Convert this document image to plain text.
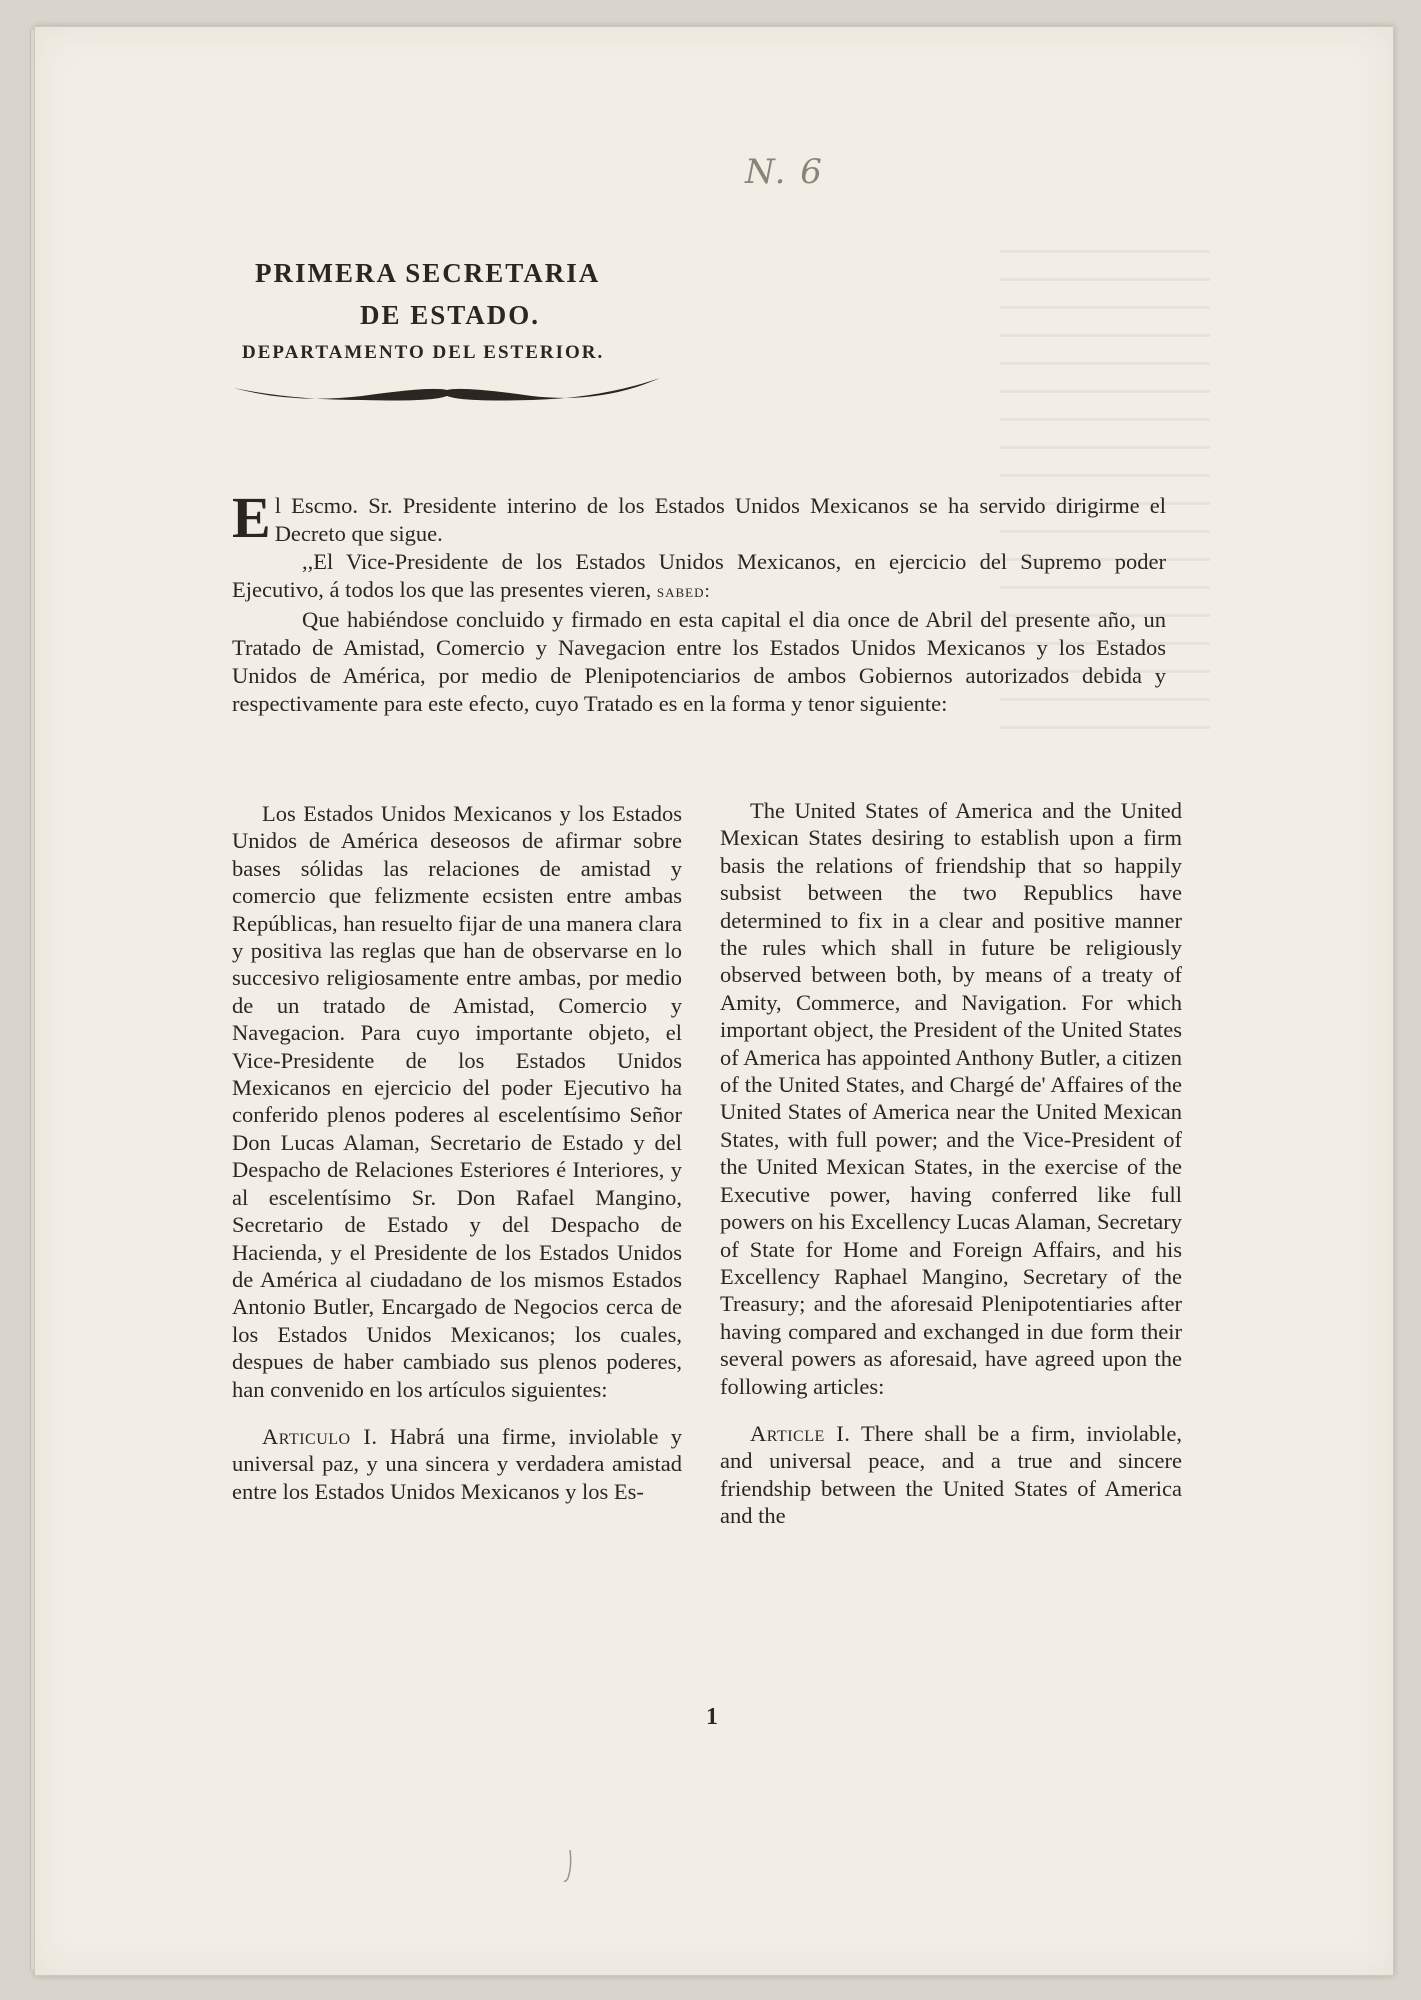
N. 6
PRIMERA SECRETARIA
DE ESTADO.
DEPARTAMENTO DEL ESTERIOR.
E l Escmo. Sr. Presidente interino de los Estados Unidos Mexicanos se ha servido dirigirme el Decreto que sigue.

,,El Vice-Presidente de los Estados Unidos Mexicanos, en ejercicio del Supremo poder Ejecutivo, á todos los que las presentes vieren, sabed:

Que habiéndose concluido y firmado en esta capital el dia once de Abril del presente año, un Tratado de Amistad, Comercio y Navegacion entre los Estados Unidos Mexicanos y los Estados Unidos de América, por medio de Plenipotenciarios de ambos Gobiernos autorizados debida y respectivamente para este efecto, cuyo Tratado es en la forma y tenor siguiente:

Los Estados Unidos Mexicanos y los Estados Unidos de América deseosos de afirmar sobre bases sólidas las relaciones de amistad y comercio que felizmente ecsisten entre ambas Repúblicas, han resuelto fijar de una manera clara y positiva las reglas que han de observarse en lo succesivo religiosamente entre ambas, por medio de un tratado de Amistad, Comercio y Navegacion. Para cuyo importante objeto, el Vice-Presidente de los Estados Unidos Mexicanos en ejercicio del poder Ejecutivo ha conferido plenos poderes al escelentísimo Señor Don Lucas Alaman, Secretario de Estado y del Despacho de Relaciones Esteriores é Interiores, y al escelentísimo Sr. Don Rafael Mangino, Secretario de Estado y del Despacho de Hacienda, y el Presidente de los Estados Unidos de América al ciudadano de los mismos Estados Antonio Butler, Encargado de Negocios cerca de los Estados Unidos Mexicanos; los cuales, despues de haber cambiado sus plenos poderes, han convenido en los artículos siguientes:

Articulo I. Habrá una firme, inviolable y universal paz, y una sincera y verdadera amistad entre los Estados Unidos Mexicanos y los Es-

The United States of America and the United Mexican States desiring to establish upon a firm basis the relations of friendship that so happily subsist between the two Republics have determined to fix in a clear and positive manner the rules which shall in future be religiously observed between both, by means of a treaty of Amity, Commerce, and Navigation. For which important object, the President of the United States of America has appointed Anthony Butler, a citizen of the United States, and Chargé de' Affaires of the United States of America near the United Mexican States, with full power; and the Vice-President of the United Mexican States, in the exercise of the Executive power, having conferred like full powers on his Excellency Lucas Alaman, Secretary of State for Home and Foreign Affairs, and his Excellency Raphael Mangino, Secretary of the Treasury; and the aforesaid Plenipotentiaries after having compared and exchanged in due form their several powers as aforesaid, have agreed upon the following articles:

Article I. There shall be a firm, inviolable, and universal peace, and a true and sincere friendship between the United States of America and the

1
